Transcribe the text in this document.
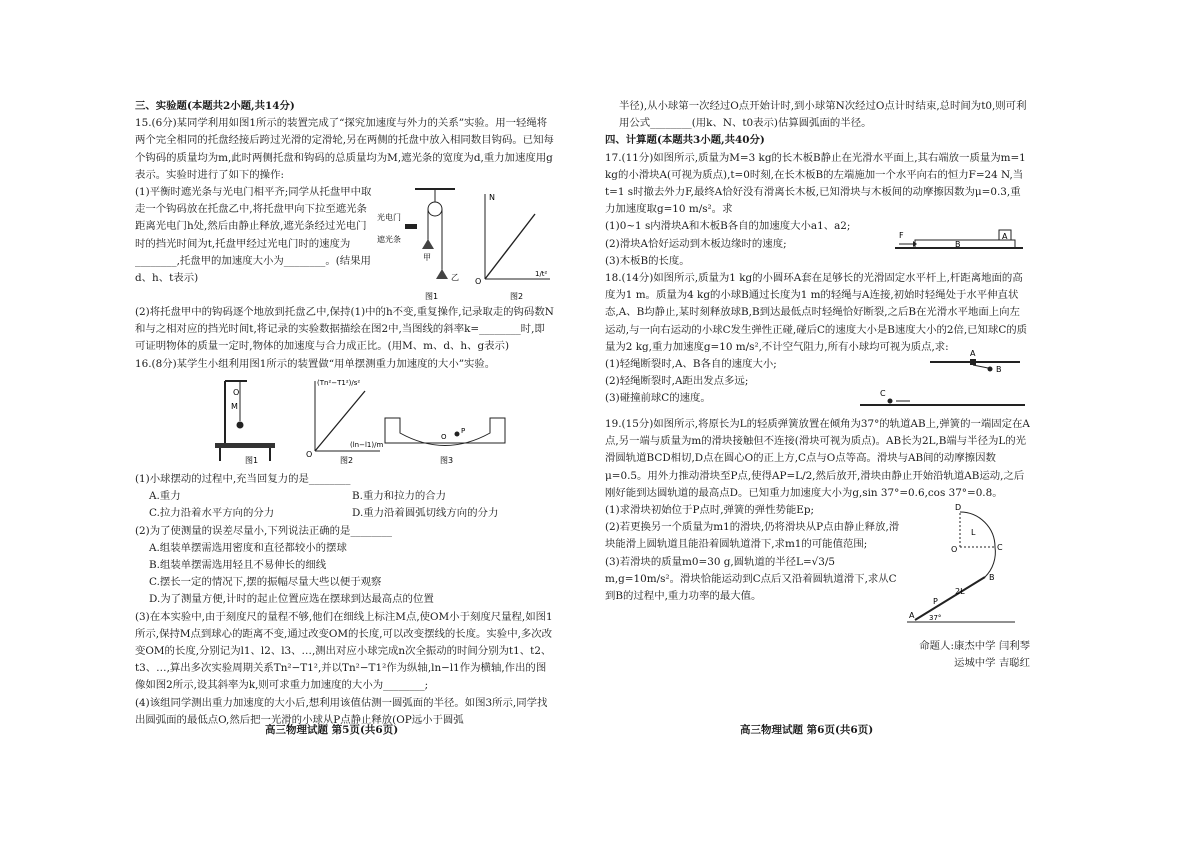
三、实验题(本题共2小题,共14分)

15.(6分)某同学利用如图1所示的装置完成了“探究加速度与外力的关系”实验。用一轻绳将两个完全相同的托盘经接后跨过光滑的定滑轮,另在两侧的托盘中放入相同数目钩码。已知每个钩码的质量均为m,此时两侧托盘和钩码的总质量均为M,遮光条的宽度为d,重力加速度用g表示。实验时进行了如下的操作:

(1)平衡时遮光条与光电门相平齐;同学从托盘甲中取走一个钩码放在托盘乙中,将托盘甲向下拉至遮光条距离光电门h处,然后由静止释放,遮光条经过光电门时的挡光时间为t,托盘甲经过光电门时的速度为________,托盘甲的加速度大小为________。(结果用d、h、t表示)

光电门
遮光条
甲
乙
图1
N
O
1/t²
图2

(2)将托盘甲中的钩码逐个地放到托盘乙中,保持(1)中的h不变,重复操作,记录取走的钩码数N和与之相对应的挡光时间t,将记录的实验数据描绘在图2中,当图线的斜率k=________时,即可证明物体的质量一定时,物体的加速度与合力成正比。(用M、m、d、h、g表示)

16.(8分)某学生小组利用图1所示的装置做“用单摆测重力加速度的大小”实验。

O
M
图1
(Tn²−T1²)/s²
(ln−l1)/m
O
图2
O
P
图3

(1)小球摆动的过程中,充当回复力的是________

A.重力	B.重力和拉力的合力
C.拉力沿着水平方向的分力	D.重力沿着圆弧切线方向的分力

(2)为了使测量的误差尽量小,下列说法正确的是________

A.组装单摆需选用密度和直径都较小的摆球

B.组装单摆需选用轻且不易伸长的细线

C.摆长一定的情况下,摆的振幅尽量大些以便于观察

D.为了测量方便,计时的起止位置应选在摆球到达最高点的位置

(3)在本实验中,由于刻度尺的量程不够,他们在细线上标注M点,使OM小于刻度尺量程,如图1所示,保持M点到球心的距离不变,通过改变OM的长度,可以改变摆线的长度。实验中,多次改变OM的长度,分别记为l1、l2、l3、…,测出对应小球完成n次全振动的时间分别为t1、t2、t3、…,算出多次实验周期关系Tn²−T1²,并以Tn²−T1²作为纵轴,ln−l1作为横轴,作出的图像如图2所示,设其斜率为k,则可求重力加速度的大小为________;

(4)该组同学测出重力加速度的大小后,想利用该值估测一圆弧面的半径。如图3所示,同学找出圆弧面的最低点O,然后把一光滑的小球从P点静止释放(OP远小于圆弧

高三物理试题 第5页(共6页)

半径),从小球第一次经过O点开始计时,到小球第N次经过O点计时结束,总时间为t0,则可利用公式________(用k、N、t0表示)估算圆弧面的半径。

四、计算题(本题共3小题,共40分)

17.(11分)如图所示,质量为M=3 kg的长木板B静止在光滑水平面上,其右端放一质量为m=1 kg的小滑块A(可视为质点),t=0时刻,在长木板B的左端施加一个水平向右的恒力F=24 N,当t=1 s时撤去外力F,最终A恰好没有滑离长木板,已知滑块与木板间的动摩擦因数为μ=0.3,重力加速度取g=10 m/s²。求

(1)0~1 s内滑块A和木板B各自的加速度大小a1、a2;

(2)滑块A恰好运动到木板边缘时的速度;

(3)木板B的长度。

F	A
B

18.(14分)如图所示,质量为1 kg的小圆环A套在足够长的光滑固定水平杆上,杆距离地面的高度为1 m。质量为4 kg的小球B通过长度为1 m的轻绳与A连接,初始时轻绳处于水平伸直状态,A、B均静止,某时刻释放球B,B到达最低点时轻绳恰好断裂,之后B在光滑水平地面上向左运动,与一向右运动的小球C发生弹性正碰,碰后C的速度大小是B速度大小的2倍,已知球C的质量为2 kg,重力加速度g=10 m/s²,不计空气阻力,所有小球均可视为质点,求:

(1)轻绳断裂时,A、B各自的速度大小;

(2)轻绳断裂时,A距出发点多远;

(3)碰撞前球C的速度。

A
B
C

19.(15分)如图所示,将原长为L的轻质弹簧放置在倾角为37°的轨道AB上,弹簧的一端固定在A点,另一端与质量为m的滑块接触但不连接(滑块可视为质点)。AB长为2L,B端与半径为L的光滑圆轨道BCD相切,D点在圆心O的正上方,C点与O点等高。滑块与AB间的动摩擦因数μ=0.5。用外力推动滑块至P点,使得AP=L/2,然后放开,滑块由静止开始沿轨道AB运动,之后刚好能到达圆轨道的最高点D。已知重力加速度大小为g,sin 37°=0.6,cos 37°=0.8。

(1)求滑块初始位于P点时,弹簧的弹性势能Ep;

(2)若更换另一个质量为m1的滑块,仍将滑块从P点由静止释放,滑块能滑上圆轨道且能沿着圆轨道滑下,求m1的可能值范围;

(3)若滑块的质量m0=30 g,圆轨道的半径L=√3/5 m,g=10m/s²。滑块恰能运动到C点后又沿着圆轨道滑下,求从C到B的过程中,重力功率的最大值。

D
L
O	C
B
2L
P
A 37°

命题人:康杰中学 闫利琴

运城中学 吉聪红

高三物理试题 第6页(共6页)
